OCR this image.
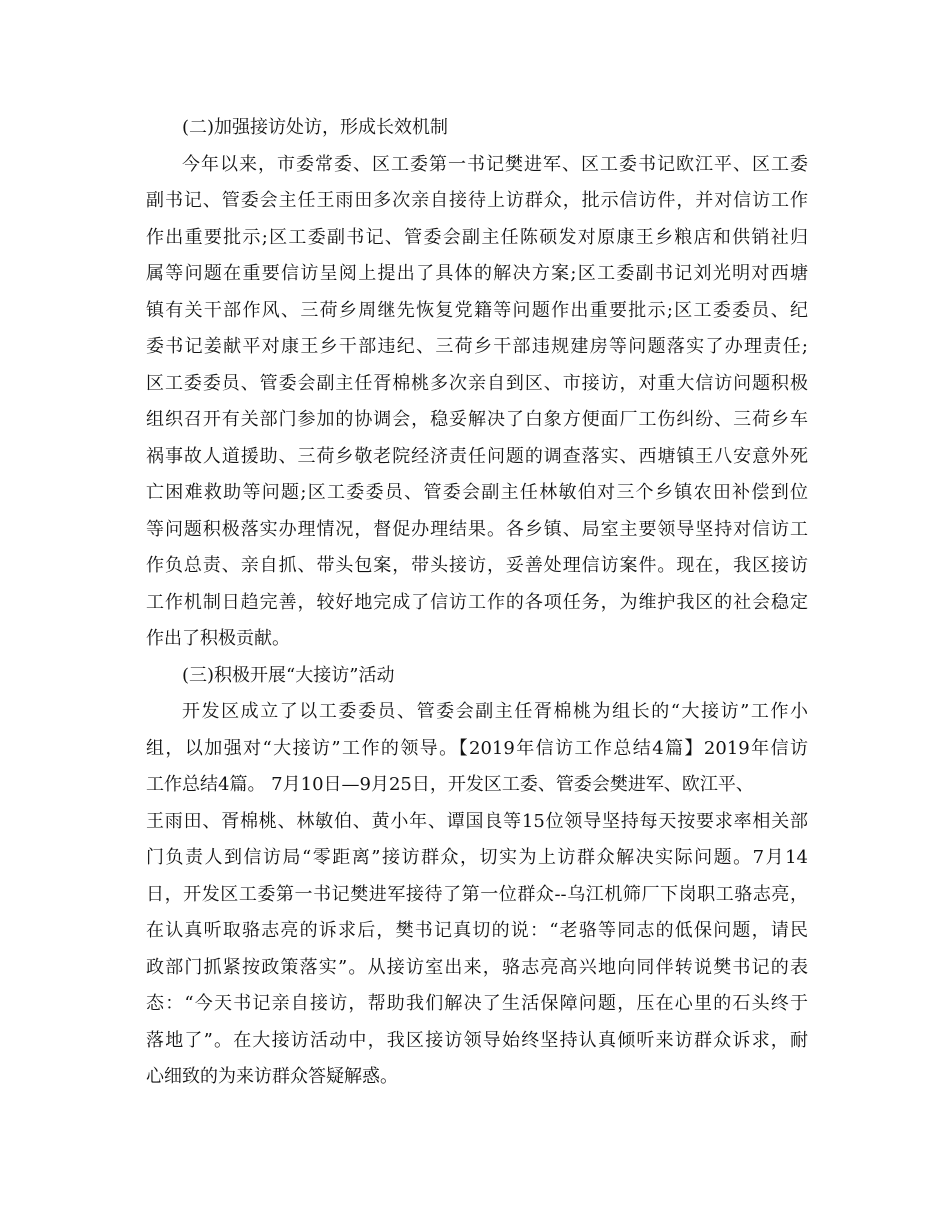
(二)加强接访处访，形成长效机制
今年以来，市委常委、区工委第一书记樊进军、区工委书记欧江平、区工委
副书记、管委会主任王雨田多次亲自接待上访群众，批示信访件，并对信访工作
作出重要批示;区工委副书记、管委会副主任陈硕发对原康王乡粮店和供销社归
属等问题在重要信访呈阅上提出了具体的解决方案;区工委副书记刘光明对西塘
镇有关干部作风、三荷乡周继先恢复党籍等问题作出重要批示;区工委委员、纪
委书记姜献平对康王乡干部违纪、三荷乡干部违规建房等问题落实了办理责任;
区工委委员、管委会副主任胥棉桃多次亲自到区、市接访，对重大信访问题积极
组织召开有关部门参加的协调会，稳妥解决了白象方便面厂工伤纠纷、三荷乡车
祸事故人道援助、三荷乡敬老院经济责任问题的调查落实、西塘镇王八安意外死
亡困难救助等问题;区工委委员、管委会副主任林敏伯对三个乡镇农田补偿到位
等问题积极落实办理情况，督促办理结果。各乡镇、局室主要领导坚持对信访工
作负总责、亲自抓、带头包案，带头接访，妥善处理信访案件。现在，我区接访
工作机制日趋完善，较好地完成了信访工作的各项任务，为维护我区的社会稳定
作出了积极贡献。
(三)积极开展“大接访”活动
开发区成立了以工委委员、管委会副主任胥棉桃为组长的“大接访”工作小
组，以加强对“大接访”工作的领导。【2019年信访工作总结4篇】2019年信访
工作总结4篇。 7月10日—9月25日，开发区工委、管委会樊进军、欧江平、
王雨田、胥棉桃、林敏伯、黄小年、谭国良等15位领导坚持每天按要求率相关部
门负责人到信访局“零距离”接访群众，切实为上访群众解决实际问题。7月14
日，开发区工委第一书记樊进军接待了第一位群众--乌江机筛厂下岗职工骆志亮，
在认真听取骆志亮的诉求后，樊书记真切的说：“老骆等同志的低保问题，请民
政部门抓紧按政策落实”。从接访室出来，骆志亮高兴地向同伴转说樊书记的表
态：“今天书记亲自接访，帮助我们解决了生活保障问题，压在心里的石头终于
落地了”。在大接访活动中，我区接访领导始终坚持认真倾听来访群众诉求，耐
心细致的为来访群众答疑解惑。
